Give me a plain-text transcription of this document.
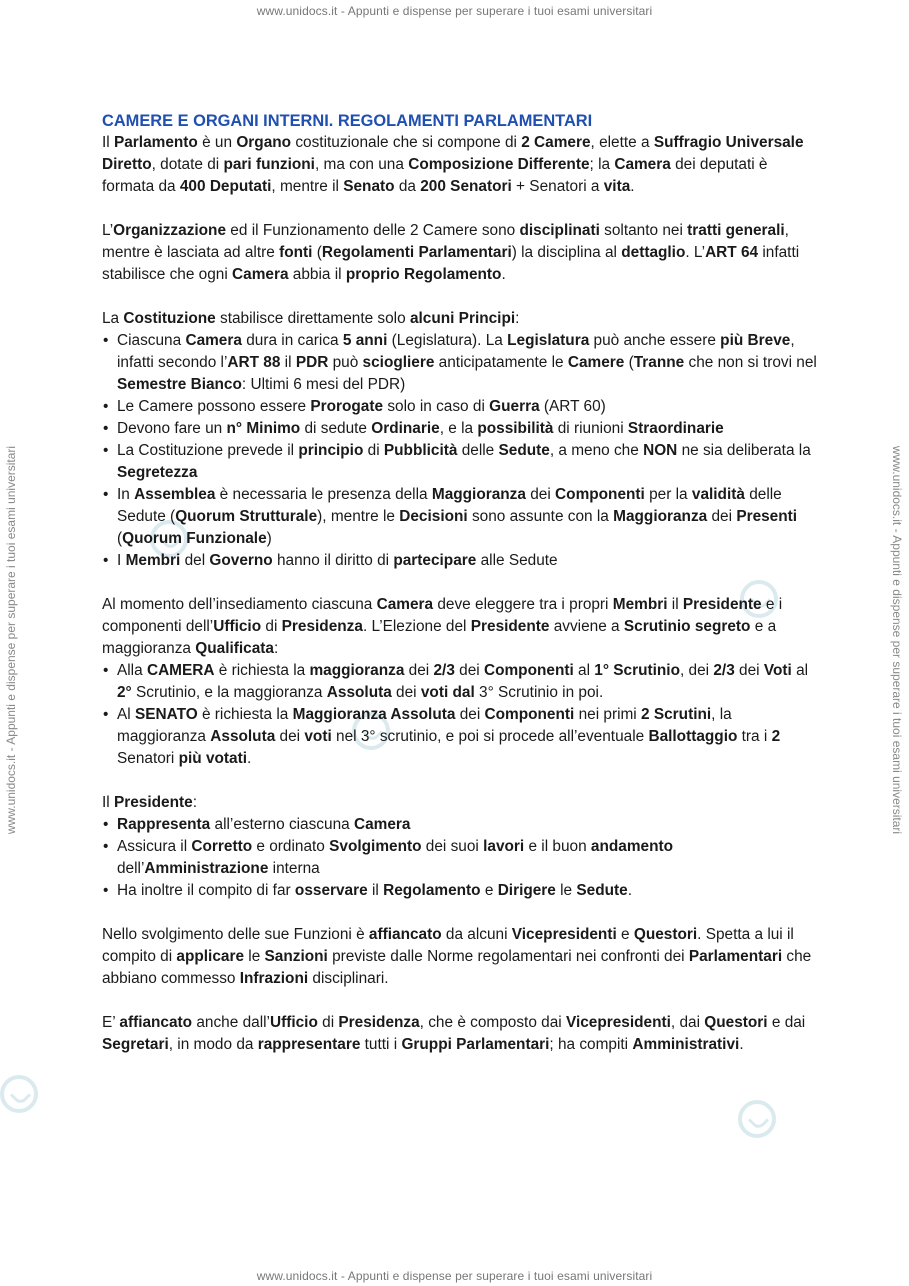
www.unidocs.it - Appunti e dispense per superare i tuoi esami universitari
www.unidocs.it - Appunti e dispense per superare i tuoi esami universitari
www.unidocs.it - Appunti e dispense per superare i tuoi esami universitari	www.unidocs.it - Appunti e dispense per superare i tuoi esami universitari
CAMERE E ORGANI INTERNI. REGOLAMENTI PARLAMENTARI

Il Parlamento è un Organo costituzionale che si compone di 2 Camere, elette a Suffragio Universale Diretto, dotate di pari funzioni, ma con una Composizione Differente; la Camera dei deputati è formata da 400 Deputati, mentre il Senato da 200 Senatori + Senatori a vita.

L’Organizzazione ed il Funzionamento delle 2 Camere sono disciplinati soltanto nei tratti generali, mentre è lasciata ad altre fonti (Regolamenti Parlamentari) la disciplina al dettaglio. L’ART 64 infatti stabilisce che ogni Camera abbia il proprio Regolamento.

La Costituzione stabilisce direttamente solo alcuni Principi:

• Ciascuna Camera dura in carica 5 anni (Legislatura). La Legislatura può anche essere più Breve, infatti secondo l’ART 88 il PDR può sciogliere anticipatamente le Camere (Tranne che non si trovi nel Semestre Bianco: Ultimi 6 mesi del PDR)
• Le Camere possono essere Prorogate solo in caso di Guerra (ART 60)
• Devono fare un n° Minimo di sedute Ordinarie, e la possibilità di riunioni Straordinarie
• La Costituzione prevede il principio di Pubblicità delle Sedute, a meno che NON ne sia deliberata la Segretezza
• In Assemblea è necessaria le presenza della Maggioranza dei Componenti per la validità delle Sedute (Quorum Strutturale), mentre le Decisioni sono assunte con la Maggioranza dei Presenti (Quorum Funzionale)
• I Membri del Governo hanno il diritto di partecipare alle Sedute

Al momento dell’insediamento ciascuna Camera deve eleggere tra i propri Membri il Presidente e i componenti dell’Ufficio di Presidenza. L’Elezione del Presidente avviene a Scrutinio segreto e a maggioranza Qualificata:

• Alla CAMERA è richiesta la maggioranza dei 2/3 dei Componenti al 1° Scrutinio, dei 2/3 dei Voti al 2° Scrutinio, e la maggioranza Assoluta dei voti dal 3° Scrutinio in poi.
• Al SENATO è richiesta la Maggioranza Assoluta dei Componenti nei primi 2 Scrutini, la maggioranza Assoluta dei voti nel 3° scrutinio, e poi si procede all’eventuale Ballottaggio tra i 2 Senatori più votati.

Il Presidente:

• Rappresenta all’esterno ciascuna Camera
• Assicura il Corretto e ordinato Svolgimento dei suoi lavori e il buon andamento dell’Amministrazione interna
• Ha inoltre il compito di far osservare il Regolamento e Dirigere le Sedute.

Nello svolgimento delle sue Funzioni è affiancato da alcuni Vicepresidenti e Questori. Spetta a lui il compito di applicare le Sanzioni previste dalle Norme regolamentari nei confronti dei Parlamentari che abbiano commesso Infrazioni disciplinari.

E’ affiancato anche dall’Ufficio di Presidenza, che è composto dai Vicepresidenti, dai Questori e dai Segretari, in modo da rappresentare tutti i Gruppi Parlamentari; ha compiti Amministrativi.
